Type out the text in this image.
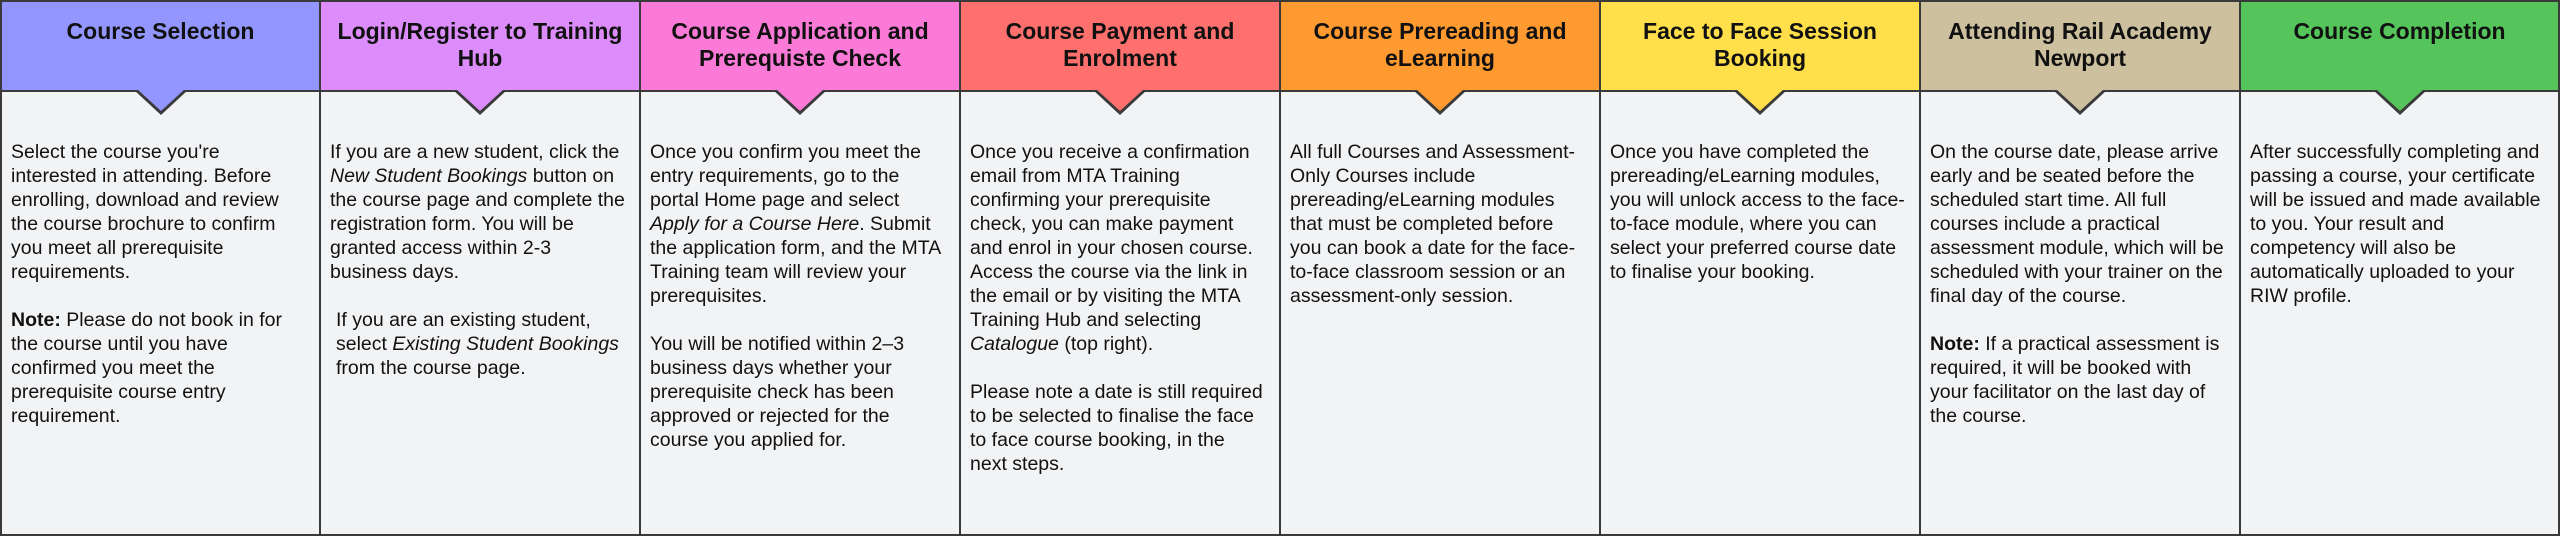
Course Selection

Select the course you're interested in attending. Before enrolling, download and review the course brochure to confirm you meet all prerequisite requirements.

Note: Please do not book in for the course until you have confirmed you meet the prerequisite course entry requirement.

Login/Register to Training Hub

If you are a new student, click the New Student Bookings button on the course page and complete the registration form. You will be granted access within 2-3 business days.

If you are an existing student, select Existing Student Bookings from the course page.

Course Application and Prerequiste Check

Once you confirm you meet the entry requirements, go to the portal Home page and select Apply for a Course Here. Submit the application form, and the MTA Training team will review your prerequisites.

You will be notified within 2–3 business days whether your prerequisite check has been approved or rejected for the course you applied for.

Course Payment and Enrolment

Once you receive a confirmation email from MTA Training confirming your prerequisite check, you can make payment and enrol in your chosen course. Access the course via the link in the email or by visiting the MTA Training Hub and selecting Catalogue (top right).

Please note a date is still required to be selected to finalise the face to face course booking, in the next steps.

Course Prereading and eLearning

All full Courses and Assessment-Only Courses include prereading/eLearning modules that must be completed before you can book a date for the face-to-face classroom session or an assessment-only session.

Face to Face Session Booking

Once you have completed the prereading/eLearning modules, you will unlock access to the face-to-face module, where you can select your preferred course date to finalise your booking.

Attending Rail Academy Newport

On the course date, please arrive early and be seated before the scheduled start time. All full courses include a practical assessment module, which will be scheduled with your trainer on the final day of the course.

Note: If a practical assessment is required, it will be booked with your facilitator on the last day of the course.

Course Completion

After successfully completing and passing a course, your certificate will be issued and made available to you. Your result and competency will also be automatically uploaded to your RIW profile.
